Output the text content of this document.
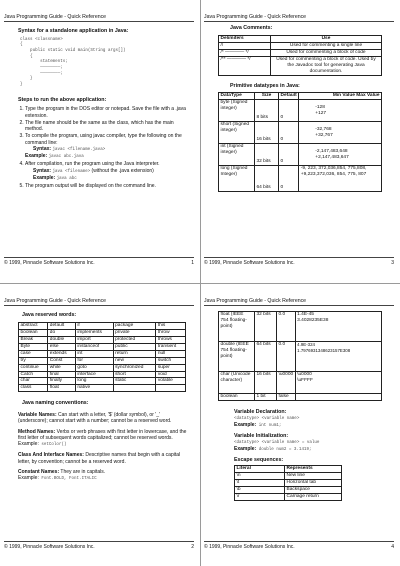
Java Programming Guide - Quick Reference
Syntax for a standalone application in Java:
class <classname>
{
public static void main(String args[])
{
statements;
————————;
————————;
}
}
Steps to run the above application:
1. Type the program in the DOS editor or notepad. Save the file with a .java extension.
2. The file name should be the same as the class, which has the main method.
3. To compile the program, using javac compiler, type the following on the command line:
Syntax: javac <filename.java>
Example: javac abc.java
4. After compilation, run the program using the Java interpreter.
Syntax: java <filename> (without the .java extension)
Example: java abc
5. The program output will be displayed on the command line.
© 1999, Pinnacle Software Solutions Inc.	1
Java Programming Guide - Quick Reference
Java Comments:
Delimiters	Use
//	Used for commenting a single line
/* ———— */	Used for commenting a block of code
/** ———— */	Used for commenting a block of code. Used by the Javadoc tool for generating Java documentation.
Primitive datatypes in Java:
DataType	Size	Default	Min Value Max Value
byte (Signed integer)	8 bits	0	-128
+127
short (Signed integer)	16 bits	0	-32,768
+32,767
int (Signed integer)	32 bits	0	-2,147,483,648
+2,147,483,647
long (Signed Integer)	64 bits	0	-9, 223, 372,036,854, 775,808,
+9,223,372,036, 854, 775, 807
© 1999, Pinnacle Software Solutions Inc.	3
Java Programming Guide - Quick Reference
Java reserved words:
abstract	default	if	package	this
boolean	do	implements	private	throw
Break	double	import	protected	throws
Byte	else	instanceof	public	transient
case	extends	int	return	null
try	Const	for	new	switch
continue	while	goto	synchronized	super
Catch	final	interface	short	void
char	finally	long	static	volatile
class	float	native		
Java naming conventions:
Variable Names: Can start with a letter, '$' (dollar symbol), or '_' (underscore); cannot start with a number; cannot be a reserved word.
Method Names: Verbs or verb phrases with first letter in lowercase, and the first letter of subsequent words capitalized; cannot be reserved words.
Example: setColor()
Class And Interface Names: Descriptive names that begin with a capital letter, by convention; cannot be a reserved word.
Constant Names: They are in capitals.
Example: Font.BOLD, Font.ITALIC
© 1999, Pinnacle Software Solutions Inc.	2
Java Programming Guide - Quick Reference
float (IEEE 754 floating-point)	32 bits	0.0	1.4E-45
3.4028235E38
double (IEEE 754 floating-point)	64 bits	0.0	4.9E-324
1.7976931348623157E308
char (Unicode character)	16 bits	\u0000	\u0000
\uFFFF
boolean	1 bit	false	
Variable Declaration:
<datatype> <variable name>
Example: int num1;
Variable Initialization:
<datatype> <variable name> = value
Example: double num2 = 3.1419;
Escape sequences:
Literal	Represents
\n	New line
\t	Horizontal tab
\b	Backspace
\r	Carriage return
© 1999, Pinnacle Software Solutions Inc.	4
